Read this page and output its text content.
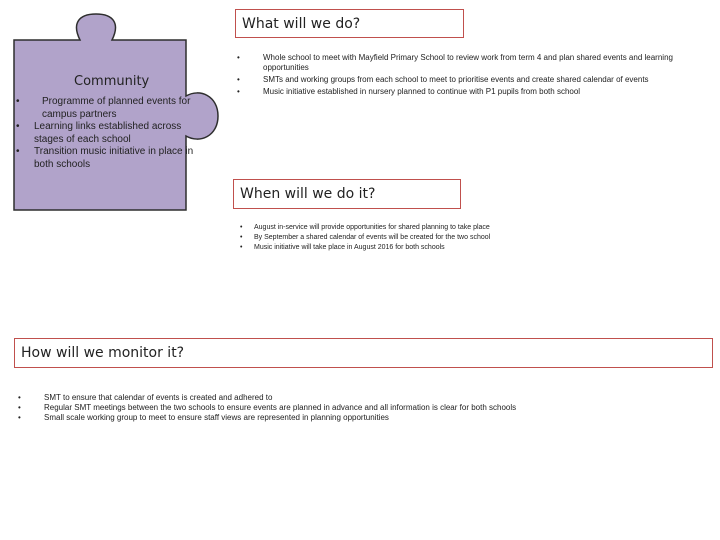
Community
• Programme of planned events for campus partners
• Learning links established across stages of each school
• Transition music initiative in place in both schools
What will we do?
• Whole school to meet with Mayfield Primary School to review work from term 4 and plan shared events and learning opportunities
• SMTs and working groups from each school to meet to prioritise events and create shared calendar of events
• Music initiative established in nursery planned to continue with P1 pupils from both school
When will we do it?
• August in-service will provide opportunities for shared planning to take place
• By September a shared calendar of events will be created for the two school
• Music initiative will take place in August 2016 for both schools
How will we monitor it?
• SMT to ensure that calendar of events is created and adhered to
• Regular SMT meetings between the two schools to ensure events are planned in advance and all information is clear for both schools
• Small scale working group to meet to ensure staff views are represented in planning opportunities
